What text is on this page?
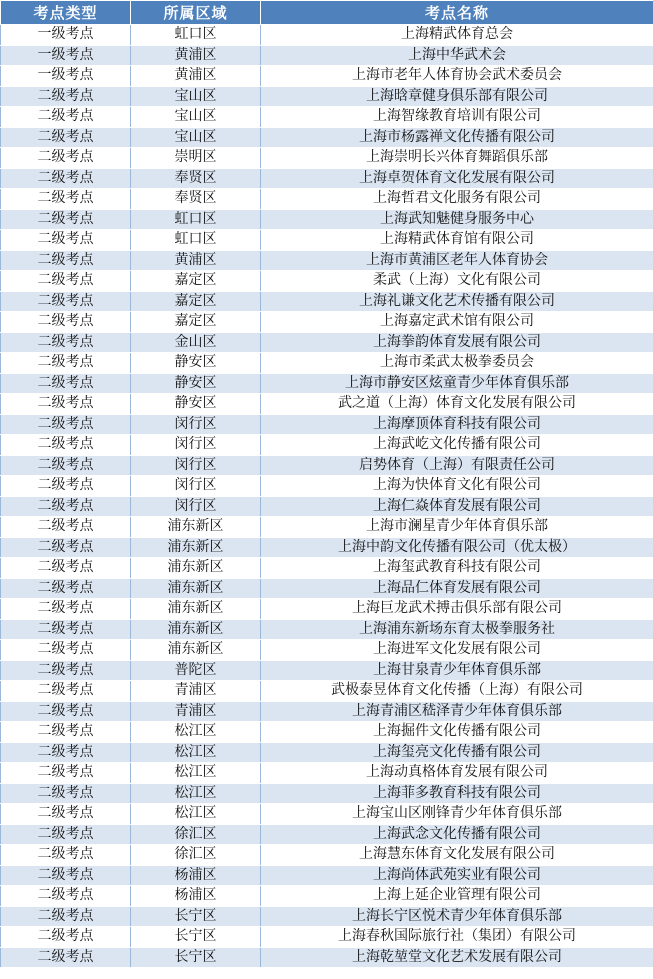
考点类型	所属区域	考点名称
一级考点	虹口区	上海精武体育总会
一级考点	黄浦区	上海中华武术会
一级考点	黄浦区	上海市老年人体育协会武术委员会
二级考点	宝山区	上海晗章健身俱乐部有限公司
二级考点	宝山区	上海智缘教育培训有限公司
二级考点	宝山区	上海市杨露禅文化传播有限公司
二级考点	崇明区	上海崇明长兴体育舞蹈俱乐部
二级考点	奉贤区	上海卓贺体育文化发展有限公司
二级考点	奉贤区	上海哲君文化服务有限公司
二级考点	虹口区	上海武知魅健身服务中心
二级考点	虹口区	上海精武体育馆有限公司
二级考点	黄浦区	上海市黄浦区老年人体育协会
二级考点	嘉定区	柔武（上海）文化有限公司
二级考点	嘉定区	上海礼谦文化艺术传播有限公司
二级考点	嘉定区	上海嘉定武术馆有限公司
二级考点	金山区	上海拳韵体育发展有限公司
二级考点	静安区	上海市柔武太极拳委员会
二级考点	静安区	上海市静安区炫童青少年体育俱乐部
二级考点	静安区	武之道（上海）体育文化发展有限公司
二级考点	闵行区	上海摩顶体育科技有限公司
二级考点	闵行区	上海武屹文化传播有限公司
二级考点	闵行区	启势体育（上海）有限责任公司
二级考点	闵行区	上海为快体育文化有限公司
二级考点	闵行区	上海仁焱体育发展有限公司
二级考点	浦东新区	上海市澜星青少年体育俱乐部
二级考点	浦东新区	上海中韵文化传播有限公司（优太极）
二级考点	浦东新区	上海玺武教育科技有限公司
二级考点	浦东新区	上海品仁体育发展有限公司
二级考点	浦东新区	上海巨龙武术搏击俱乐部有限公司
二级考点	浦东新区	上海浦东新场东育太极拳服务社
二级考点	浦东新区	上海进军文化发展有限公司
二级考点	普陀区	上海甘泉青少年体育俱乐部
二级考点	青浦区	武极泰昱体育文化传播（上海）有限公司
二级考点	青浦区	上海青浦区嵇泽青少年体育俱乐部
二级考点	松江区	上海掘件文化传播有限公司
二级考点	松江区	上海玺亮文化传播有限公司
二级考点	松江区	上海动真格体育发展有限公司
二级考点	松江区	上海菲多教育科技有限公司
二级考点	松江区	上海宝山区刚锋青少年体育俱乐部
二级考点	徐汇区	上海武念文化传播有限公司
二级考点	徐汇区	上海慧东体育文化发展有限公司
二级考点	杨浦区	上海尚体武苑实业有限公司
二级考点	杨浦区	上海上延企业管理有限公司
二级考点	长宁区	上海长宁区悦术青少年体育俱乐部
二级考点	长宁区	上海春秋国际旅行社（集团）有限公司
二级考点	长宁区	上海乾堃堂文化艺术发展有限公司
